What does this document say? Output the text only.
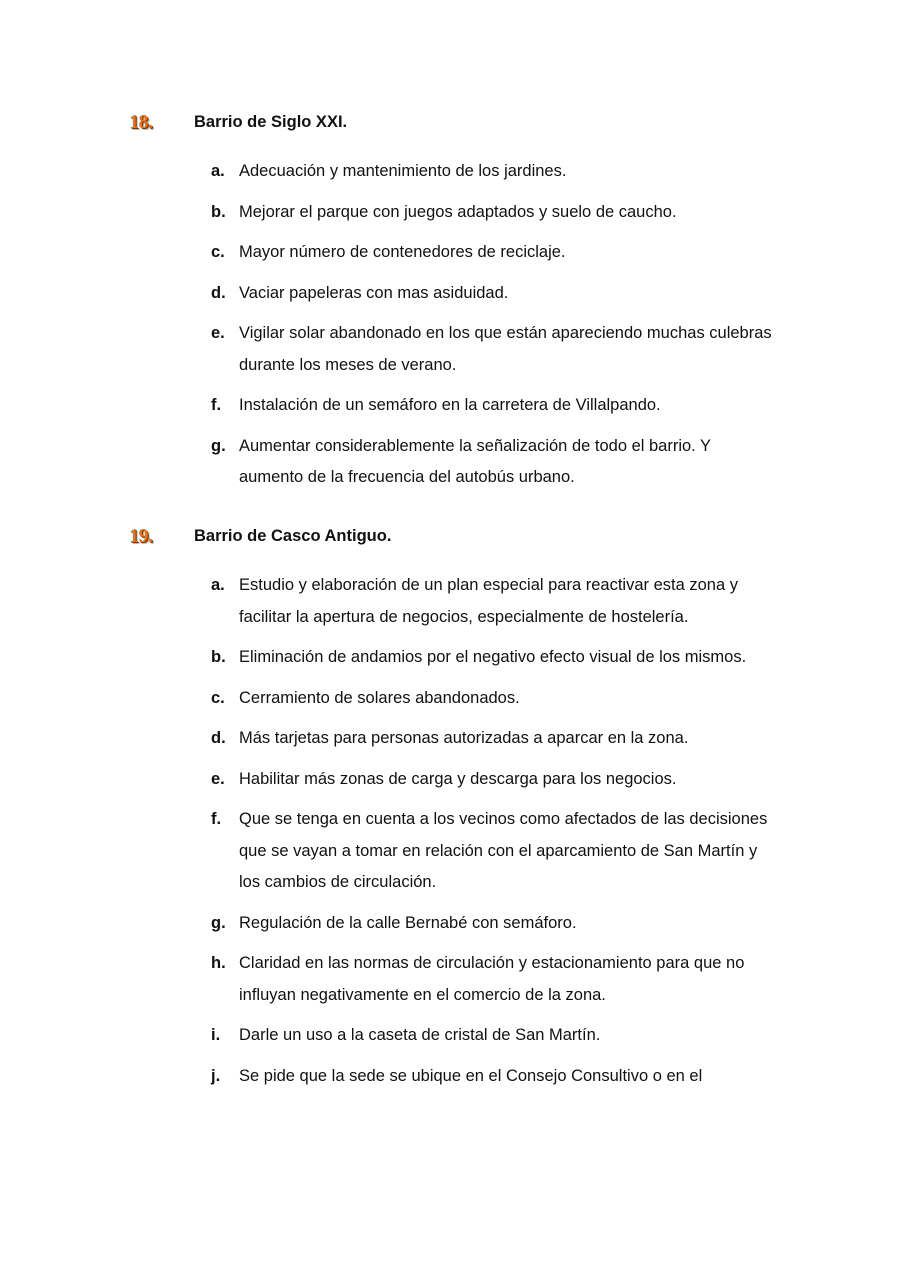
18.	Barrio de Siglo XXI.
a. Adecuación y mantenimiento de los jardines.
b. Mejorar el parque con juegos adaptados y suelo de caucho.
c. Mayor número de contenedores de reciclaje.
d. Vaciar papeleras con mas asiduidad.
e. Vigilar solar abandonado en los que están apareciendo muchas culebras durante los meses de verano.
f. Instalación de un semáforo en la carretera de Villalpando.
g. Aumentar considerablemente la señalización de todo el barrio. Y aumento de la frecuencia del autobús urbano.
19.	Barrio de Casco Antiguo.
a. Estudio y elaboración de un plan especial para reactivar esta zona y facilitar la apertura de negocios, especialmente de hostelería.
b. Eliminación de andamios por el negativo efecto visual de los mismos.
c. Cerramiento de solares abandonados.
d. Más tarjetas para personas autorizadas a aparcar en la zona.
e. Habilitar más zonas de carga y descarga para los negocios.
f. Que se tenga en cuenta a los vecinos como afectados de las decisiones que se vayan a tomar en relación con el aparcamiento de San Martín y los cambios de circulación.
g. Regulación de la calle Bernabé con semáforo.
h. Claridad en las normas de circulación y estacionamiento para que no influyan negativamente en el comercio de la zona.
i. Darle un uso a la caseta de cristal de San Martín.
j. Se pide que la sede se ubique en el Consejo Consultivo o en el
